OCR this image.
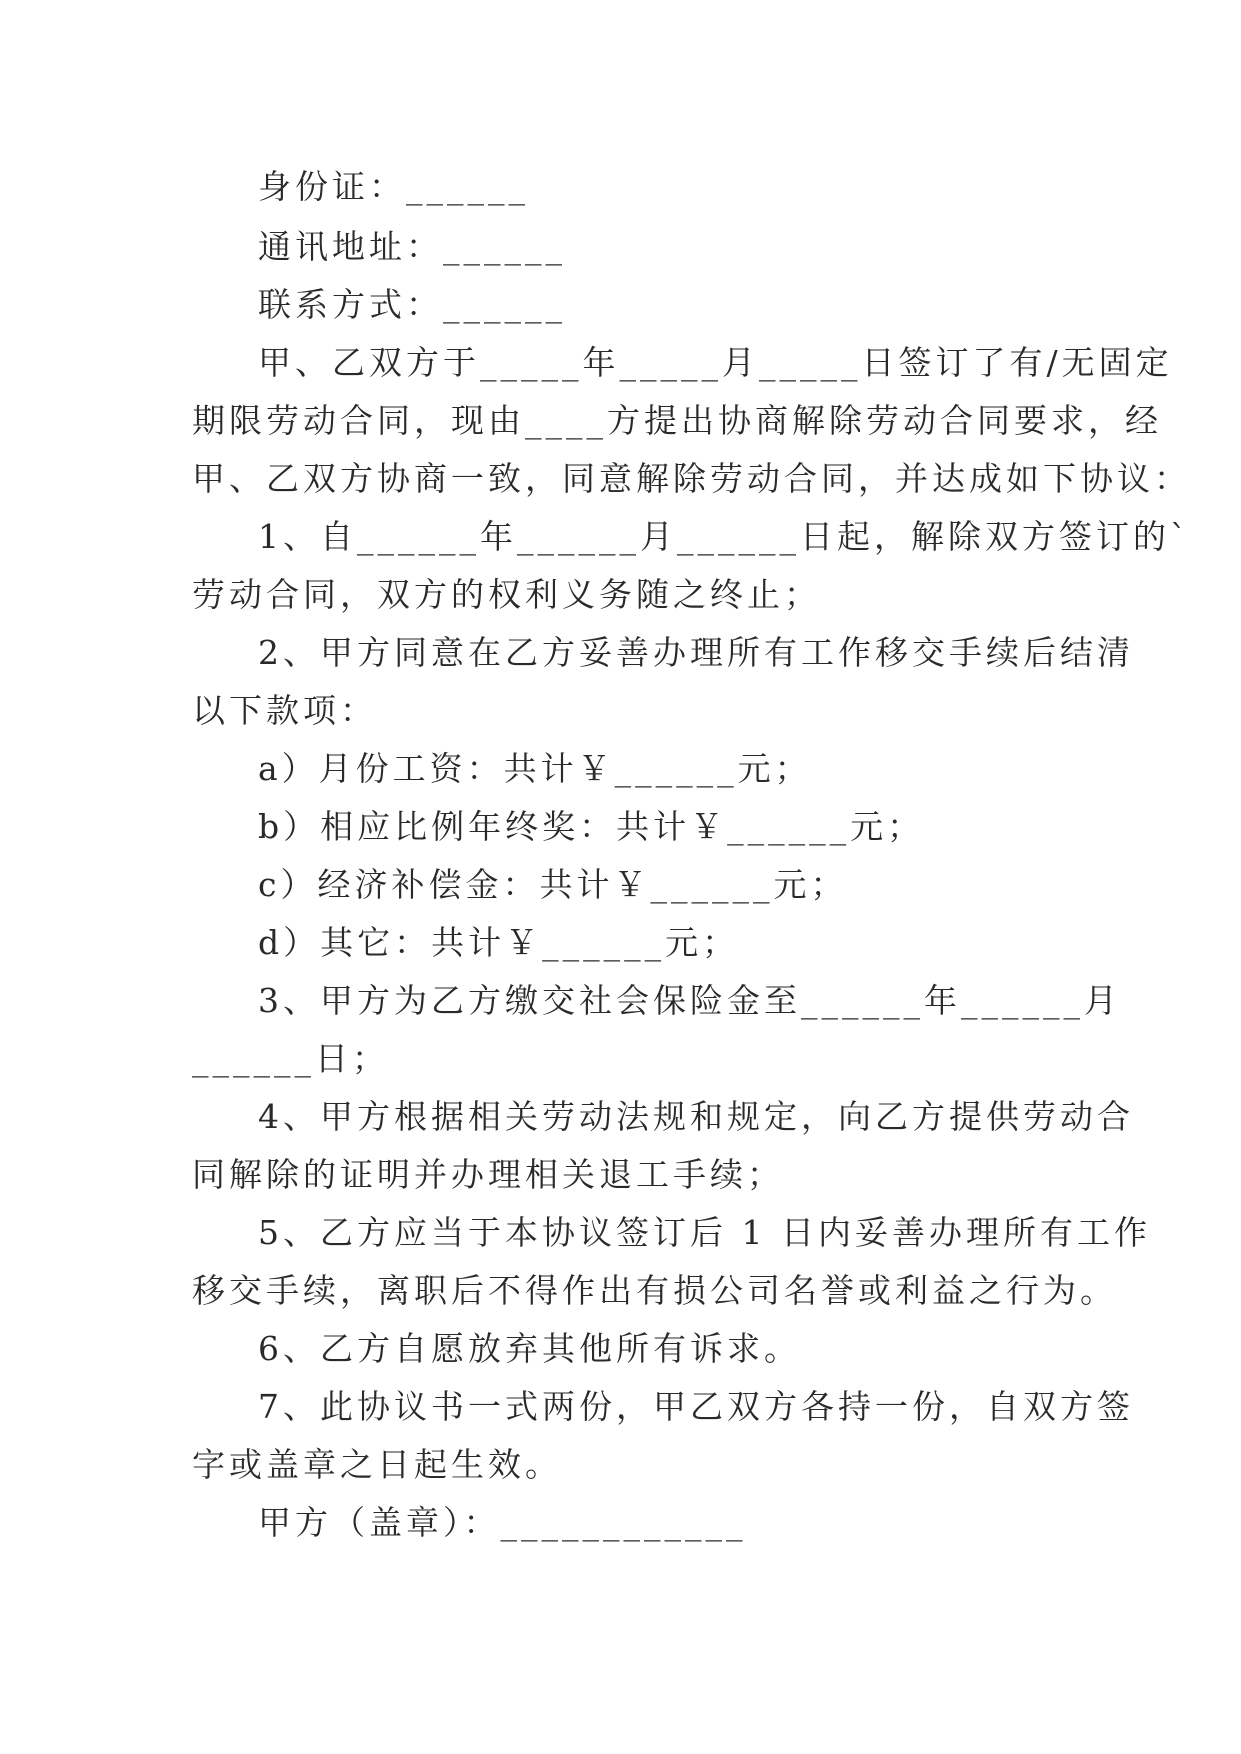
身份证：______
通讯地址：______
联系方式：______
甲、乙双方于_____年_____月_____日签订了有/无固定
期限劳动合同，现由____方提出协商解除劳动合同要求，经
甲、乙双方协商一致，同意解除劳动合同，并达成如下协议：
1、自______年______月______日起，解除双方签订的`
劳动合同，双方的权利义务随之终止；
2、甲方同意在乙方妥善办理所有工作移交手续后结清
以下款项：
a）月份工资：共计￥______元；
b）相应比例年终奖：共计￥______元；
c）经济补偿金：共计￥______元；
d）其它：共计￥______元；
3、甲方为乙方缴交社会保险金至______年______月
______日；
4、甲方根据相关劳动法规和规定，向乙方提供劳动合
同解除的证明并办理相关退工手续；
5、乙方应当于本协议签订后 1 日内妥善办理所有工作
移交手续，离职后不得作出有损公司名誉或利益之行为。
6、乙方自愿放弃其他所有诉求。
7、此协议书一式两份，甲乙双方各持一份，自双方签
字或盖章之日起生效。
甲方（盖章）：____________
